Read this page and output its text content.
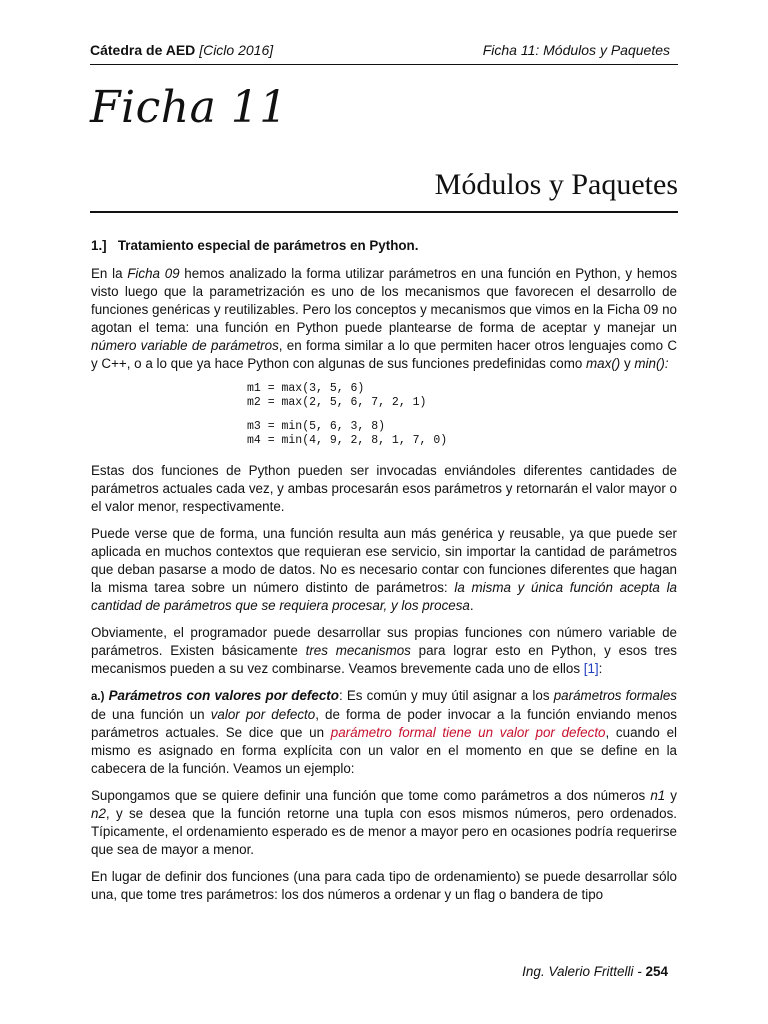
Cátedra de AED [Ciclo 2016]	Ficha 11: Módulos y Paquetes
Ficha 11
Módulos y Paquetes

1.] Tratamiento especial de parámetros en Python.

En la Ficha 09 hemos analizado la forma utilizar parámetros en una función en Python, y hemos visto luego que la parametrización es uno de los mecanismos que favorecen el desarrollo de funciones genéricas y reutilizables. Pero los conceptos y mecanismos que vimos en la Ficha 09 no agotan el tema: una función en Python puede plantearse de forma de aceptar y manejar un número variable de parámetros, en forma similar a lo que permiten hacer otros lenguajes como C y C++, o a lo que ya hace Python con algunas de sus funciones predefinidas como max() y min():

m1 = max(3, 5, 6)
m2 = max(2, 5, 6, 7, 2, 1)
m3 = min(5, 6, 3, 8)
m4 = min(4, 9, 2, 8, 1, 7, 0)

Estas dos funciones de Python pueden ser invocadas enviándoles diferentes cantidades de parámetros actuales cada vez, y ambas procesarán esos parámetros y retornarán el valor mayor o el valor menor, respectivamente.

Puede verse que de forma, una función resulta aun más genérica y reusable, ya que puede ser aplicada en muchos contextos que requieran ese servicio, sin importar la cantidad de parámetros que deban pasarse a modo de datos. No es necesario contar con funciones diferentes que hagan la misma tarea sobre un número distinto de parámetros: la misma y única función acepta la cantidad de parámetros que se requiera procesar, y los procesa.

Obviamente, el programador puede desarrollar sus propias funciones con número variable de parámetros. Existen básicamente tres mecanismos para lograr esto en Python, y esos tres mecanismos pueden a su vez combinarse. Veamos brevemente cada uno de ellos [1]:

a.) Parámetros con valores por defecto: Es común y muy útil asignar a los parámetros formales de una función un valor por defecto, de forma de poder invocar a la función enviando menos parámetros actuales. Se dice que un parámetro formal tiene un valor por defecto, cuando el mismo es asignado en forma explícita con un valor en el momento en que se define en la cabecera de la función. Veamos un ejemplo:

Supongamos que se quiere definir una función que tome como parámetros a dos números n1 y n2, y se desea que la función retorne una tupla con esos mismos números, pero ordenados. Típicamente, el ordenamiento esperado es de menor a mayor pero en ocasiones podría requerirse que sea de mayor a menor.

En lugar de definir dos funciones (una para cada tipo de ordenamiento) se puede desarrollar sólo una, que tome tres parámetros: los dos números a ordenar y un flag o bandera de tipo

Ing. Valerio Frittelli - 254
